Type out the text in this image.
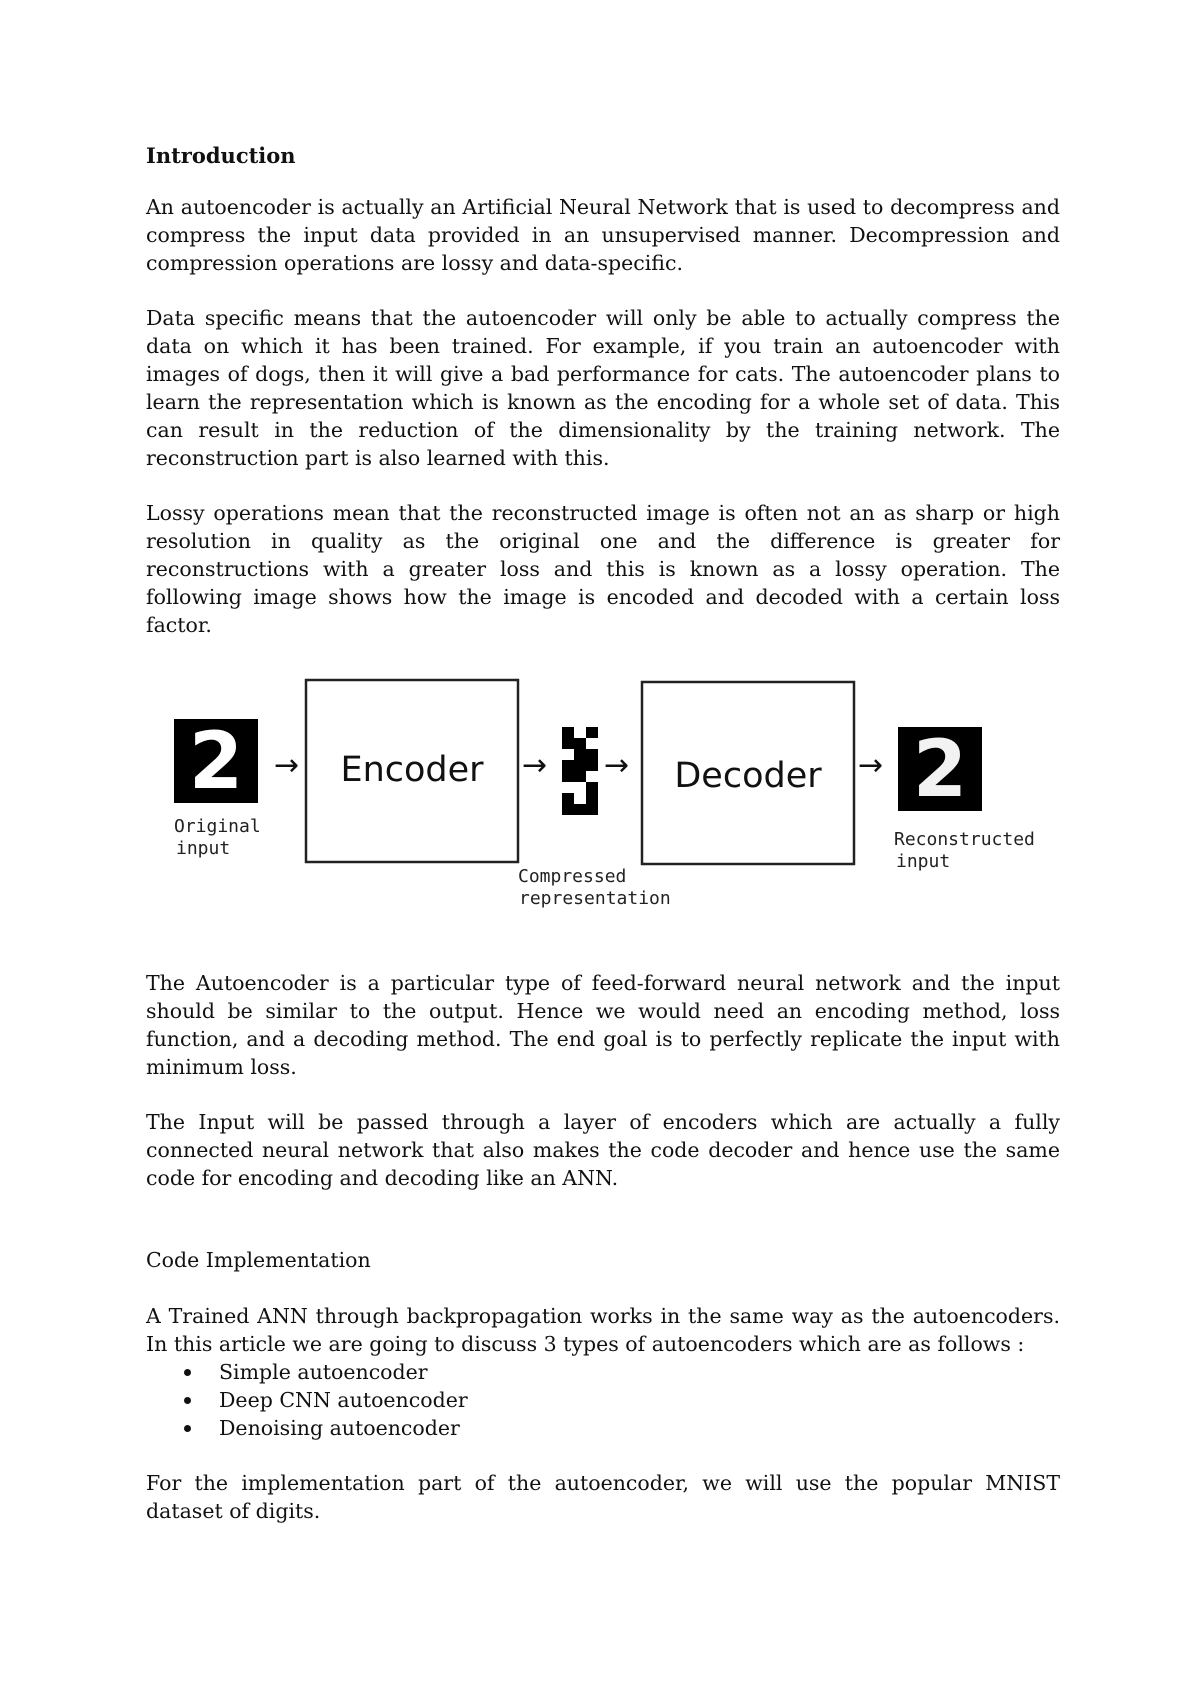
Introduction

An autoencoder is actually an Artificial Neural Network that is used to decompress and compress the input data provided in an unsupervised manner. Decompression and compression operations are lossy and data-specific.

Data specific means that the autoencoder will only be able to actually compress the data on which it has been trained. For example, if you train an autoencoder with images of dogs, then it will give a bad performance for cats. The autoencoder plans to learn the representation which is known as the encoding for a whole set of data. This can result in the reduction of the dimensionality by the training network. The reconstruction part is also learned with this.

Lossy operations mean that the reconstructed image is often not an as sharp or high resolution in quality as the original one and the difference is greater for reconstructions with a greater loss and this is known as a lossy operation. The following image shows how the image is encoded and decoded with a certain loss factor.

2 → Encoder → → Decoder → 2
Original
input
Compressed
representation
Reconstructed
input

The Autoencoder is a particular type of feed-forward neural network and the input should be similar to the output. Hence we would need an encoding method, loss function, and a decoding method. The end goal is to perfectly replicate the input with minimum loss.

The Input will be passed through a layer of encoders which are actually a fully connected neural network that also makes the code decoder and hence use the same code for encoding and decoding like an ANN.

Code Implementation

A Trained ANN through backpropagation works in the same way as the autoencoders. In this article we are going to discuss 3 types of autoencoders which are as follows :

Simple autoencoder
Deep CNN autoencoder
Denoising autoencoder

For the implementation part of the autoencoder, we will use the popular MNIST dataset of digits.
